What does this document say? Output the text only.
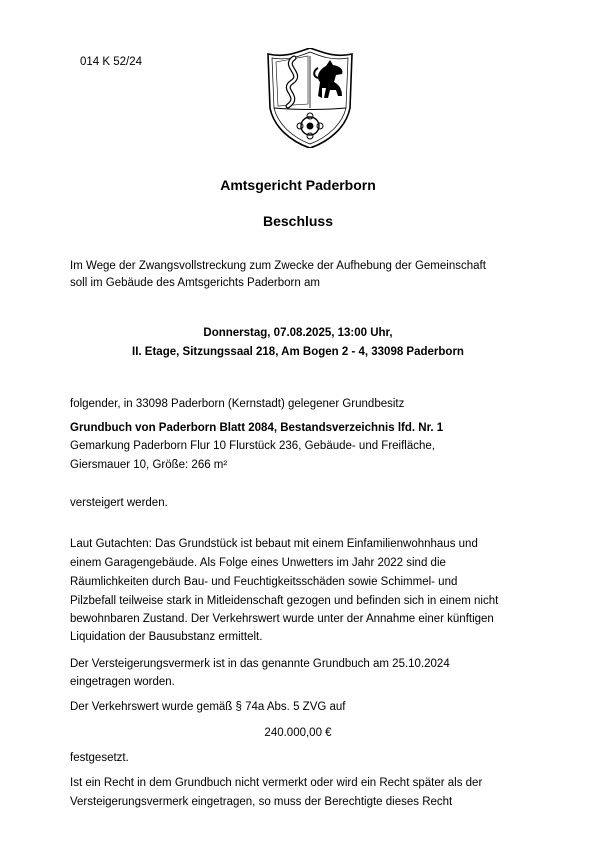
014 K 52/24
Amtsgericht Paderborn
Beschluss
Im Wege der Zwangsvollstreckung zum Zwecke der Aufhebung der Gemeinschaft
soll im Gebäude des Amtsgerichts Paderborn am
Donnerstag, 07.08.2025, 13:00 Uhr,
II. Etage, Sitzungssaal 218, Am Bogen 2 - 4, 33098 Paderborn
folgender, in 33098 Paderborn (Kernstadt) gelegener Grundbesitz
Grundbuch von Paderborn Blatt 2084, Bestandsverzeichnis lfd. Nr. 1
Gemarkung Paderborn Flur 10 Flurstück 236, Gebäude- und Freifläche,
Giersmauer 10, Größe: 266 m²
versteigert werden.
Laut Gutachten: Das Grundstück ist bebaut mit einem Einfamilienwohnhaus und
einem Garagengebäude. Als Folge eines Unwetters im Jahr 2022 sind die
Räumlichkeiten durch Bau- und Feuchtigkeitsschäden sowie Schimmel- und
Pilzbefall teilweise stark in Mitleidenschaft gezogen und befinden sich in einem nicht
bewohnbaren Zustand. Der Verkehrswert wurde unter der Annahme einer künftigen
Liquidation der Bausubstanz ermittelt.
Der Versteigerungsvermerk ist in das genannte Grundbuch am 25.10.2024
eingetragen worden.
Der Verkehrswert wurde gemäß § 74a Abs. 5 ZVG auf
240.000,00 €
festgesetzt.
Ist ein Recht in dem Grundbuch nicht vermerkt oder wird ein Recht später als der
Versteigerungsvermerk eingetragen, so muss der Berechtigte dieses Recht
